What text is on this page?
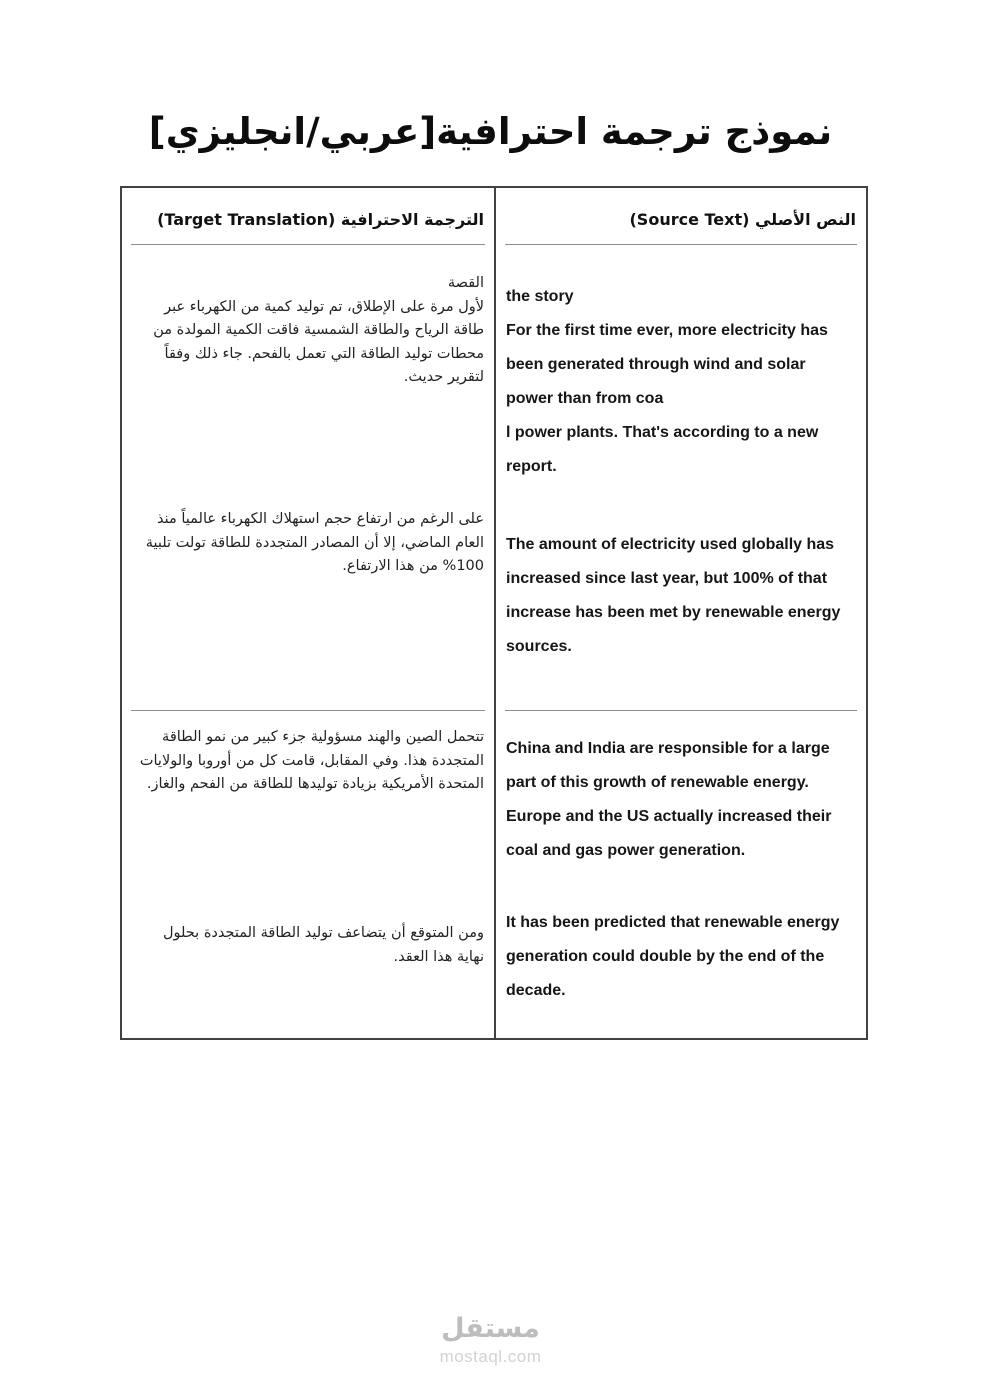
نموذج ترجمة احترافية[عربي/انجليزي]
النص الأصلي (Source Text)
الترجمة الاحترافية (Target Translation)

the story

For the first time ever, more electricity has been generated through wind and solar power than from coa

l power plants. That's according to a new report.

القصة

لأول مرة على الإطلاق، تم توليد كمية من الكهرباء عبر طاقة الرياح والطاقة الشمسية فاقت الكمية المولدة من محطات توليد الطاقة التي تعمل بالفحم. جاء ذلك وفقاً لتقرير حديث.

The amount of electricity used globally has increased since last year, but 100% of that increase has been met by renewable energy sources.

على الرغم من ارتفاع حجم استهلاك الكهرباء عالمياً منذ العام الماضي، إلا أن المصادر المتجددة للطاقة تولت تلبية 100% من هذا الارتفاع.

China and India are responsible for a large part of this growth of renewable energy.

Europe and the US actually increased their coal and gas power generation.

تتحمل الصين والهند مسؤولية جزء كبير من نمو الطاقة المتجددة هذا. وفي المقابل، قامت كل من أوروبا والولايات المتحدة الأمريكية بزيادة توليدها للطاقة من الفحم والغاز.

It has been predicted that renewable energy generation could double by the end of the decade.

ومن المتوقع أن يتضاعف توليد الطاقة المتجددة بحلول نهاية هذا العقد.

مستقل
mostaql.com
